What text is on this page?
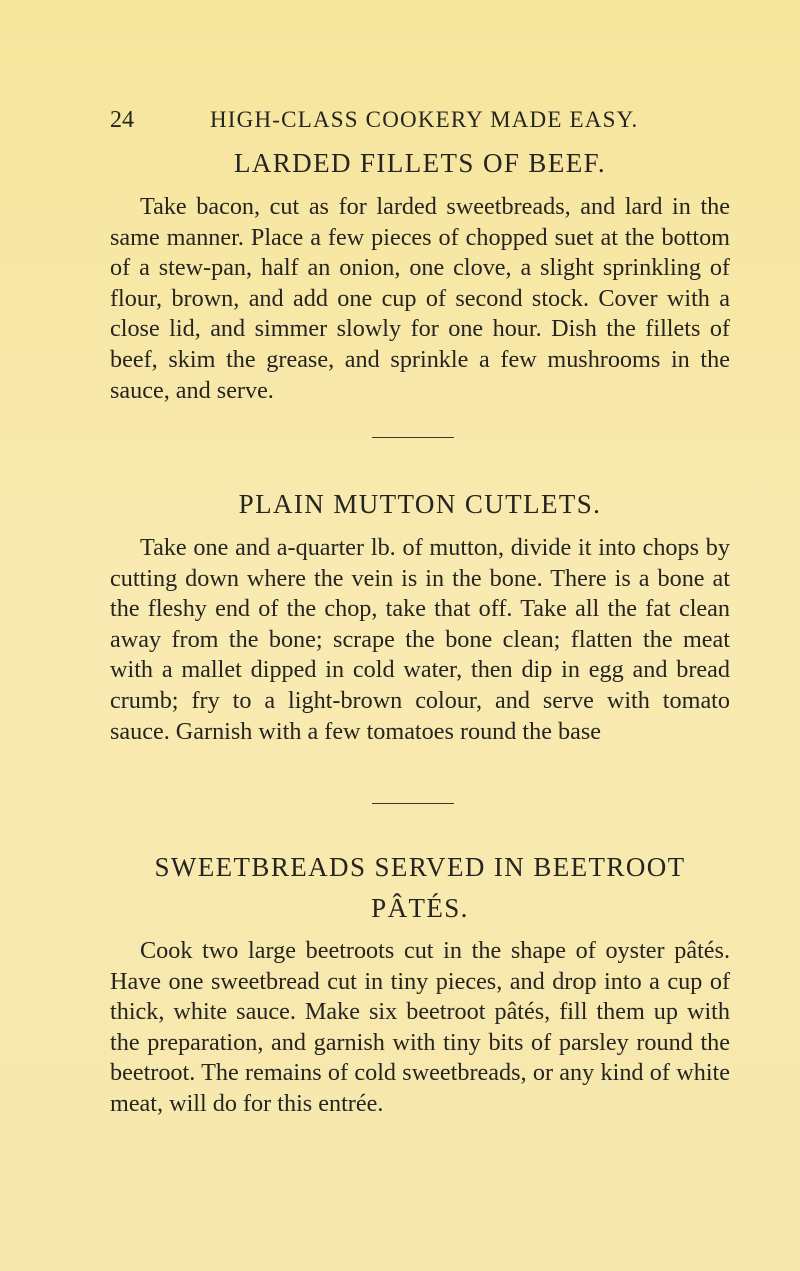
24	HIGH-CLASS COOKERY MADE EASY.
LARDED FILLETS OF BEEF.

Take bacon, cut as for larded sweetbreads, and lard in the same manner. Place a few pieces of chopped suet at the bottom of a stew-pan, half an onion, one clove, a slight sprinkling of flour, brown, and add one cup of second stock. Cover with a close lid, and simmer slowly for one hour. Dish the fillets of beef, skim the grease, and sprinkle a few mushrooms in the sauce, and serve.

PLAIN MUTTON CUTLETS.

Take one and a-quarter lb. of mutton, divide it into chops by cutting down where the vein is in the bone. There is a bone at the fleshy end of the chop, take that off. Take all the fat clean away from the bone; scrape the bone clean; flatten the meat with a mallet dipped in cold water, then dip in egg and bread crumb; fry to a light-brown colour, and serve with tomato sauce. Garnish with a few tomatoes round the base

SWEETBREADS SERVED IN BEETROOT
PÂTÉS.

Cook two large beetroots cut in the shape of oyster pâtés. Have one sweetbread cut in tiny pieces, and drop into a cup of thick, white sauce. Make six beetroot pâtés, fill them up with the preparation, and garnish with tiny bits of parsley round the beetroot. The remains of cold sweetbreads, or any kind of white meat, will do for this entrée.
